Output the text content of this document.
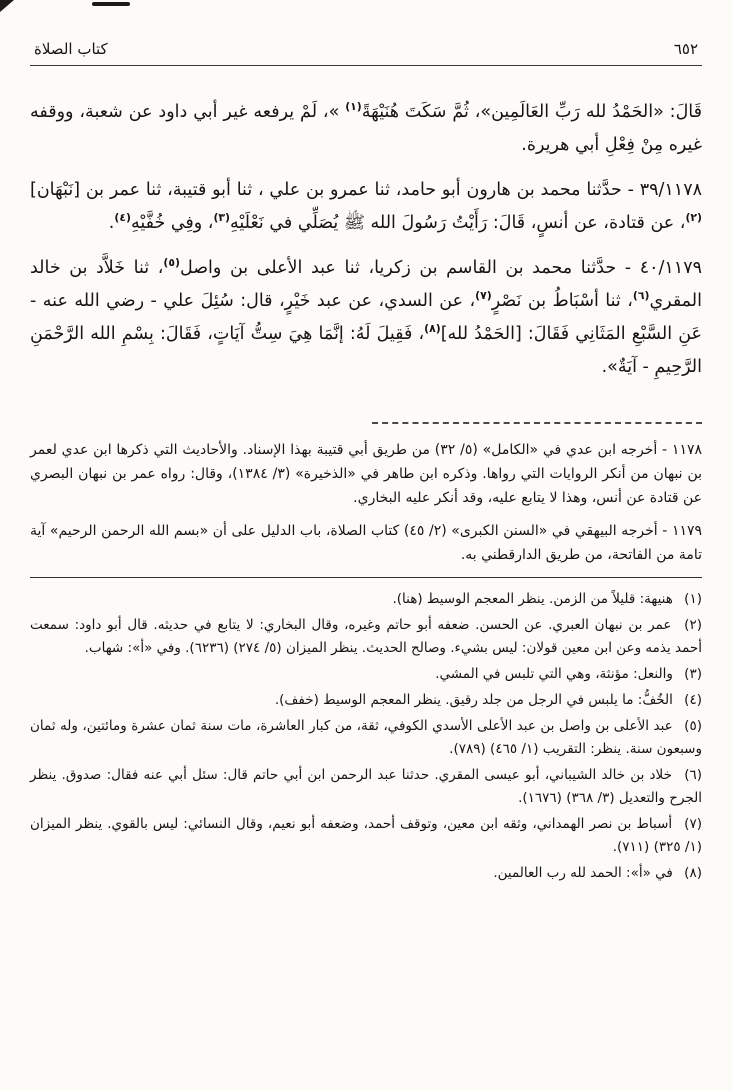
٦٥٢
كتاب الصلاة

قَالَ: «الحَمْدُ لله رَبِّ العَالَمِين»، ثُمَّ سَكَتَ هُنَيْهَةً$^{(١)}$ »، لَمْ يرفعه غير أبي داود عن شعبة، ووقفه غيره مِنْ فِعْلِ أبي هريرة.

٣٩/١١٧٨ - حدَّثنا محمد بن هارون أبو حامد، ثنا عمرو بن علي ، ثنا أبو قتيبة، ثنا عمر بن [نَبْهَان]$^{(٢)}$، عن قتادة، عن أنسٍ، قَالَ: رَأَيْتُ رَسُولَ الله ﷺ يُصَلِّي في نَعْلَيْهِ$^{(٣)}$، وفِي خُفَّيْهِ$^{(٤)}$.

٤٠/١١٧٩ - حدَّثنا محمد بن القاسم بن زكريا، ثنا عبد الأعلى بن واصل$^{(٥)}$، ثنا خَلاَّد بن خالد المقري$^{(٦)}$، ثنا أسْبَاطُ بن نَصْرٍ$^{(٧)}$، عن السدي، عن عبد خَيْرٍ، قال: سُئِلَ علي - رضي الله عنه - عَنِ السَّبْعِ المَثَانِي فَقَالَ: [الحَمْدُ لله]$^{(٨)}$، فَقِيلَ لَهُ: إنَّمَا هِيَ سِتُّ آيَاتٍ، فَقَالَ: بِسْمِ الله الرَّحْمَنِ الرَّحِيمِ - آيَةٌ».

١١٧٨ - أخرجه ابن عدي في «الكامل» (٥/ ٣٢) من طريق أبي قتيبة بهذا الإسناد. والأحاديث التي ذكرها ابن عدي لعمر بن نبهان من أنكر الروايات التي رواها. وذكره ابن طاهر في «الذخيرة» (٣/ ١٣٨٤)، وقال: رواه عمر بن نبهان البصري عن قتادة عن أنس، وهذا لا يتابع عليه، وقد أنكر عليه البخاري.

١١٧٩ - أخرجه البيهقي في «السنن الكبرى» (٢/ ٤٥) كتاب الصلاة، باب الدليل على أن «بسم الله الرحمن الرحيم» آية تامة من الفاتحة، من طريق الدارقطني به.

(١) هنيهة: قليلاً من الزمن. ينظر المعجم الوسيط (هنا).

(٢) عمر بن نبهان العبري. عن الحسن. ضعفه أبو حاتم وغيره، وقال البخاري: لا يتابع في حديثه. قال أبو داود: سمعت أحمد يذمه وعن ابن معين قولان: ليس بشيء. وصالح الحديث. ينظر الميزان (٥/ ٢٧٤) (٦٢٣٦). وفي «أ»: شهاب.

(٣) والنعل: مؤنثة، وهي التي تلبس في المشي.

(٤) الخُفُّ: ما يلبس في الرجل من جلد رقيق. ينظر المعجم الوسيط (خفف).

(٥) عبد الأعلى بن واصل بن عبد الأعلى الأسدي الكوفي، ثقة، من كبار العاشرة، مات سنة ثمان عشرة ومائتين، وله ثمان وسبعون سنة. ينظر: التقريب (١/ ٤٦٥) (٧٨٩).

(٦) خلاد بن خالد الشيباني، أبو عيسى المقري. حدثنا عبد الرحمن ابن أبي حاتم قال: سئل أبي عنه فقال: صدوق. ينظر الجرح والتعديل (٣/ ٣٦٨) (١٦٧٦).

(٧) أسباط بن نصر الهمداني، وثقه ابن معين، وتوقف أحمد، وضعفه أبو نعيم، وقال النسائي: ليس بالقوي. ينظر الميزان (١/ ٣٢٥) (٧١١).

(٨) في «أ»: الحمد لله رب العالمين.
